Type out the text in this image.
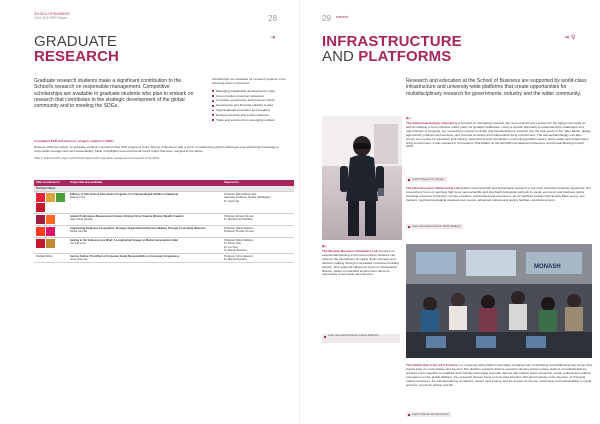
SCHOOL OF BUSINESS
2019-2020 SRP Report	28
GRADUATE
RESEARCH
⇥
Graduate research students make a significant contribution to the School's research on responsible management. Competitive scholarships are available to graduate students who plan to embark on research that contributes to the strategic development of the global community and to meeting the SDGs.
Scholarships are available for research projects in the following areas of business:
Managing sustainable development in Asia
Green market consumer behaviour
Corporate governance and business ethics
Governance and financial markets in Asia
Organisational innovation and creativity
Entrepreneurship and social enterprise
Trade and economics in emerging markets
Completed PhD and Honours projects related to SDGs
Between 2019 and 2020, 12 graduate students completed their PhD programs at the School of Business with a focus on addressing global challenges and advancing knowledge in responsible management and sustainability. Table 4 highlights several doctoral thesis topics that were mapped to the SDGs.
Table 4: Selected PhD projects (2019-2020) aligned with responsible management and supports to the SDGs
SDG contributed to	Project title and candidate	Supervisors
Doctoral Thesis		

	Efficacy of After School Intervention Programs for Underprivileged Children in Malaysia
Hsiang Li Ain	Professor Mahendhiran Nair
Associate Professor Santha Vaithilingam
Dr. Jason Ng

	Islamic Performance Measurement System: Driving Firms Towards Wisdom Wealth Creation
Sujo Lenna Hanifah	Professor Pervaiz Ahmed
Dr. Mohammad Shahban

	Augmenting Employee Cooperation: Strategic Organizational Decision-Making Through Co-working Networks
Nicole Chin Ee	Professor Mobin Rabbani
Professor Pervaiz Ahmed

	Getting to the Subconscious Mind: A Longitudinal Voyage on Media Consumption Habit
Tan Kah Loon	Professor Mobin Rabbani
Dr. Weng Yoke
Dr. Lei Yang
Dr. Mandy Spiccitus
Multiple SDGs	Service Failure: The Effect of Corporate Social Responsibility on Consumer Forgiveness
Fong Chee Yen	Professor Chris Hancock
Dr. Mandy Spiccitus
29 research
INFRASTRUCTURE
AND PLATFORMS
⇥⚲
Research and education at the School of Business are supported by world-class infrastructure and university-wide platforms that create opportunities for multidisciplinary research for governments, industry and the wider community.
⇤
The Gamechanchology Laboratory is focused on translating research into new methods and services for the aging community as well as shaping a more inclusive public policy for geriatric healthcare. Using a specific approach to understand the challenges and opportunities of longevity, our researchers conduct in-depth and interdisciplinary research into the real needs of the older adults, design age-friendly products and services, and promote an active and independent living environment. The Gamechanchology Lab also serves as a centre for education and training, assessment and consultation concerning geriatric issues, home safety and independent living environment. It was featured in 'Innovations That Matter' at the AAGSB International Conference and Annual Meeting in April 2019.
Lead: Professor Tim Wough
The Neurobusiness Behavioural Lab applies neuroscientific and behavioural research to our most important business questions. Our researchers focus on applying high level neuroscientific and psychophysiological methods to social, economic and business topics including consumer behaviour, human emotions, and behavioural economics. All our facilities include high density EEG set-up, eye trackers, psychophysiological measurement setups, advanced behavioural testing facilities, and data servers.
Lead: Associate Professor Mobin Rabbani
⇤
The Monash Business Simulation Lab provides an experiential learning environment where students can observe the interactions of supply chain concepts and decision making through a simulated 'investment trading activity'. Also supports classroom focus on behavioural finance, where a controlled environment offers an opportunity to test ideas and theories.
Lead: Associate Professor Jollene Wilkinson
MONASH
The Global Hub in the 21st Century is a university-wide platform that takes a leading role in identifying and addressing key issues that impact Asia, its communities and beyond. The platform supports diverse research clusters whose unique clusters of multidisciplinary scholars come together to establish and critically interrogate research themes that explore Asia's economic, social, political and cultural emergence on the global platform. Key research themes focus on how Asia interacts with (and impacts) in the direction of changing market structures, the transformations of cultures, values, and society, and the impact of science, technology and sustainability in social spheres, economic activity and life.
Lead: Professor Pervaiz Ahmed
